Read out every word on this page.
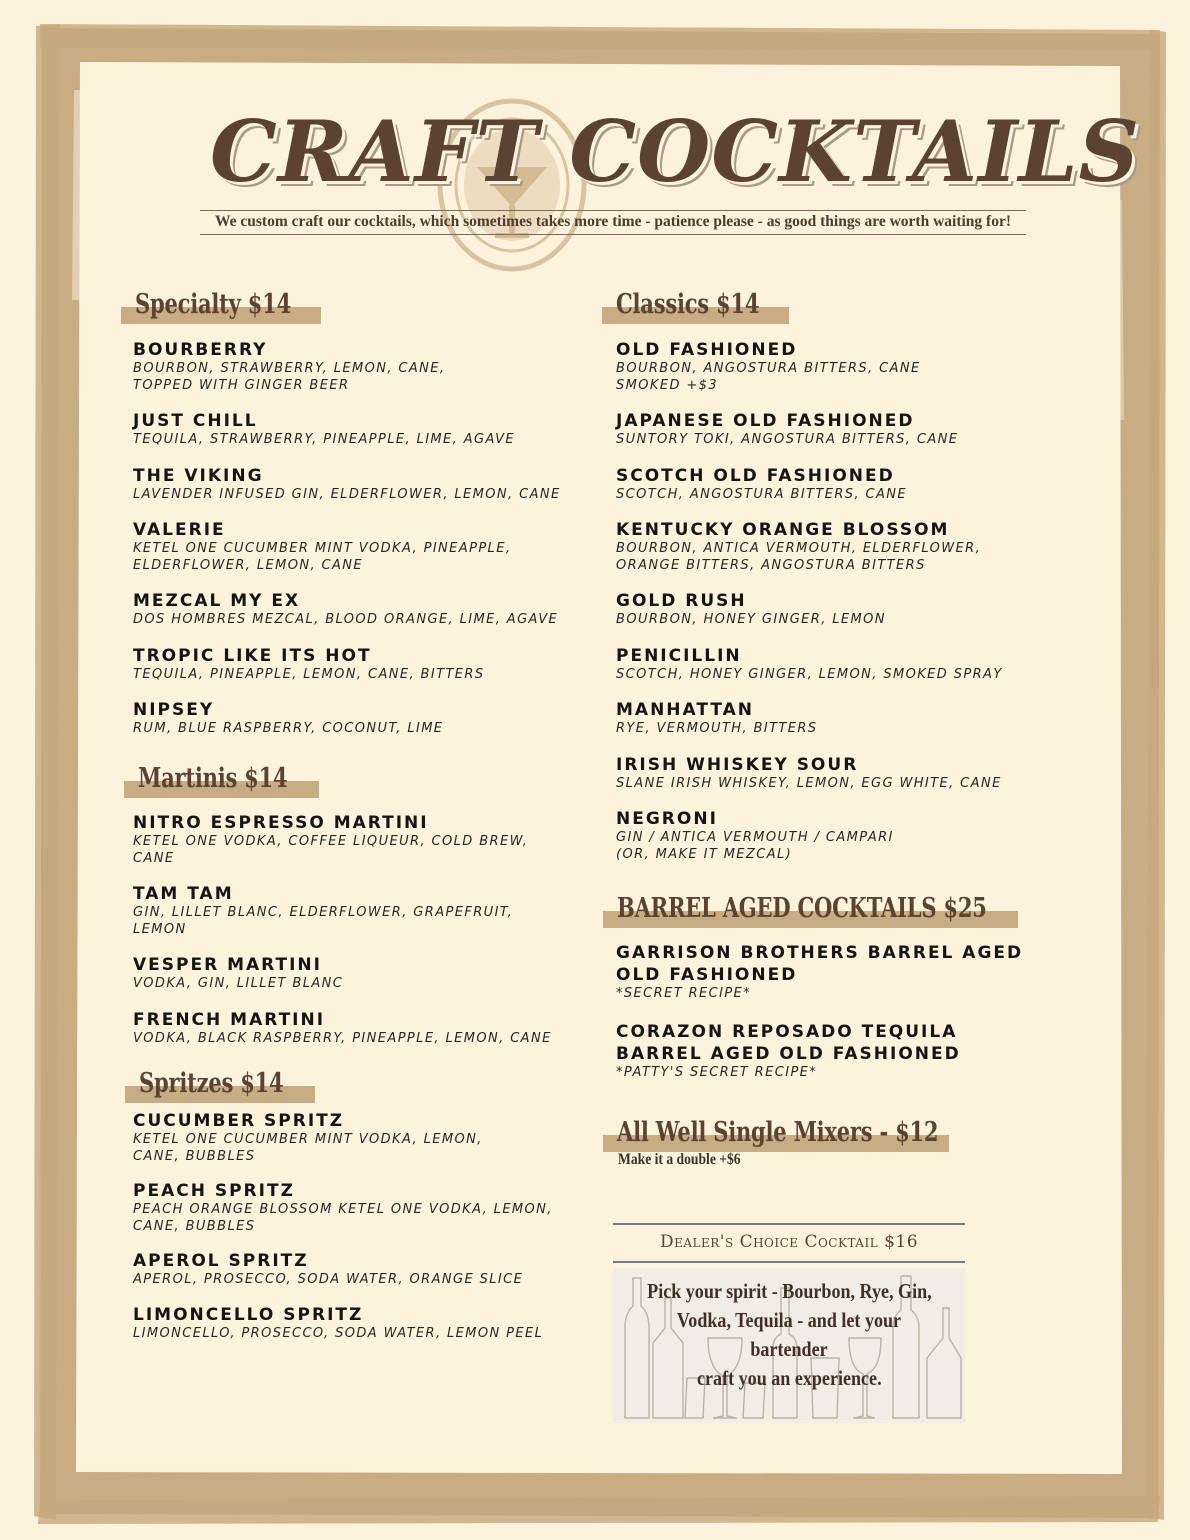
CRAFT COCKTAILS
We custom craft our cocktails, which sometimes takes more time - patience please - as good things are worth waiting for!
Specialty $14
BOURBERRY
BOURBON, STRAWBERRY, LEMON, CANE,
TOPPED WITH GINGER BEER
JUST CHILL
TEQUILA, STRAWBERRY, PINEAPPLE, LIME, AGAVE
THE VIKING
LAVENDER INFUSED GIN, ELDERFLOWER, LEMON, CANE
VALERIE
KETEL ONE CUCUMBER MINT VODKA, PINEAPPLE,
ELDERFLOWER, LEMON, CANE
MEZCAL MY EX
DOS HOMBRES MEZCAL, BLOOD ORANGE, LIME, AGAVE
TROPIC LIKE ITS HOT
TEQUILA, PINEAPPLE, LEMON, CANE, BITTERS
NIPSEY
RUM, BLUE RASPBERRY, COCONUT, LIME
Martinis $14
NITRO ESPRESSO MARTINI
KETEL ONE VODKA, COFFEE LIQUEUR, COLD BREW,
CANE
TAM TAM
GIN, LILLET BLANC, ELDERFLOWER, GRAPEFRUIT,
LEMON
VESPER MARTINI
VODKA, GIN, LILLET BLANC
FRENCH MARTINI
VODKA, BLACK RASPBERRY, PINEAPPLE, LEMON, CANE
Spritzes $14
CUCUMBER SPRITZ
KETEL ONE CUCUMBER MINT VODKA, LEMON,
CANE, BUBBLES
PEACH SPRITZ
PEACH ORANGE BLOSSOM KETEL ONE VODKA, LEMON,
CANE, BUBBLES
APEROL SPRITZ
APEROL, PROSECCO, SODA WATER, ORANGE SLICE
LIMONCELLO SPRITZ
LIMONCELLO, PROSECCO, SODA WATER, LEMON PEEL
Classics $14
OLD FASHIONED
BOURBON, ANGOSTURA BITTERS, CANE
SMOKED +$3
JAPANESE OLD FASHIONED
SUNTORY TOKI, ANGOSTURA BITTERS, CANE
SCOTCH OLD FASHIONED
SCOTCH, ANGOSTURA BITTERS, CANE
KENTUCKY ORANGE BLOSSOM
BOURBON, ANTICA VERMOUTH, ELDERFLOWER,
ORANGE BITTERS, ANGOSTURA BITTERS
GOLD RUSH
BOURBON, HONEY GINGER, LEMON
PENICILLIN
SCOTCH, HONEY GINGER, LEMON, SMOKED SPRAY
MANHATTAN
RYE, VERMOUTH, BITTERS
IRISH WHISKEY SOUR
SLANE IRISH WHISKEY, LEMON, EGG WHITE, CANE
NEGRONI
GIN / ANTICA VERMOUTH / CAMPARI
(OR, MAKE IT MEZCAL)
BARREL AGED COCKTAILS $25
GARRISON BROTHERS BARREL AGED
OLD FASHIONED
*SECRET RECIPE*
CORAZON REPOSADO TEQUILA
BARREL AGED OLD FASHIONED
*PATTY'S SECRET RECIPE*
All Well Single Mixers - $12
Make it a double +$6
Dealer's Choice Cocktail $16
Pick your spirit - Bourbon, Rye, Gin,
Vodka, Tequila - and let your bartender
craft you an experience.
